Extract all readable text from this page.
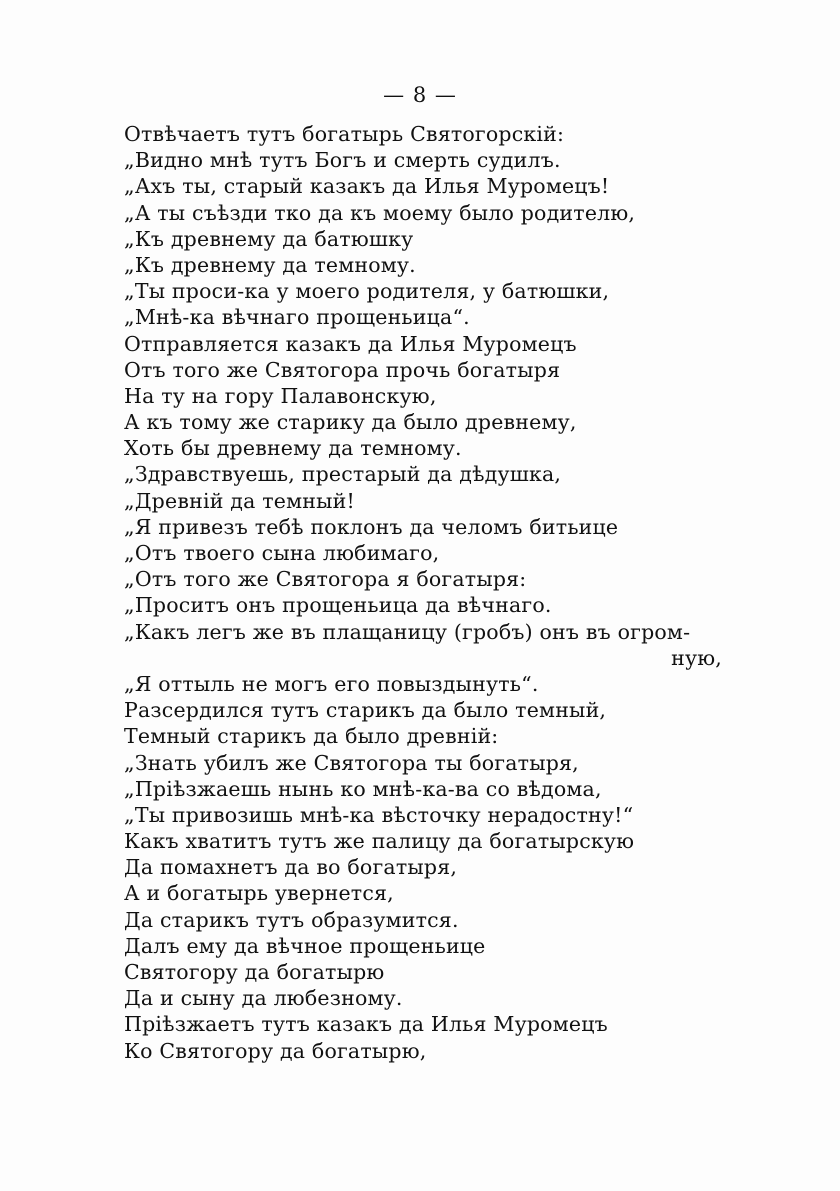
— 8 —
Отвѣчаетъ тутъ богатырь Святогорскій:
„Видно мнѣ тутъ Богъ и смерть судилъ.
„Ахъ ты, старый казакъ да Илья Муромецъ!
„А ты съѣзди тко да къ моему было родителю,
„Къ древнему да батюшку
„Къ древнему да темному.
„Ты проси-ка у моего родителя, у батюшки,
„Мнѣ-ка вѣчнаго прощеньица“.
Отправляется казакъ да Илья Муромецъ
Отъ того же Святогора прочь богатыря
На ту на гору Палавонскую,
А къ тому же старику да было древнему,
Хоть бы древнему да темному.
„Здравствуешь, престарый да дѣдушка,
„Древній да темный!
„Я привезъ тебѣ поклонъ да челомъ битьице
„Отъ твоего сына любимаго,
„Отъ того же Святогора я богатыря:
„Проситъ онъ прощеньица да вѣчнаго.
„Какъ легъ же въ плащаницу (гробъ) онъ въ огром-
ную,
„Я оттыль не могъ его повыздынуть“.
Разсердился тутъ старикъ да было темный,
Темный старикъ да было древній:
„Знать убилъ же Святогора ты богатыря,
„Пріѣзжаешь нынь ко мнѣ-ка-ва со вѣдома,
„Ты привозишь мнѣ-ка вѣсточку нерадостну!“
Какъ хватитъ тутъ же палицу да богатырскую
Да помахнетъ да во богатыря,
А и богатырь увернется,
Да старикъ тутъ образумится.
Далъ ему да вѣчное прощеньице
Святогору да богатырю
Да и сыну да любезному.
Пріѣзжаетъ тутъ казакъ да Илья Муромецъ
Ко Святогору да богатырю,
